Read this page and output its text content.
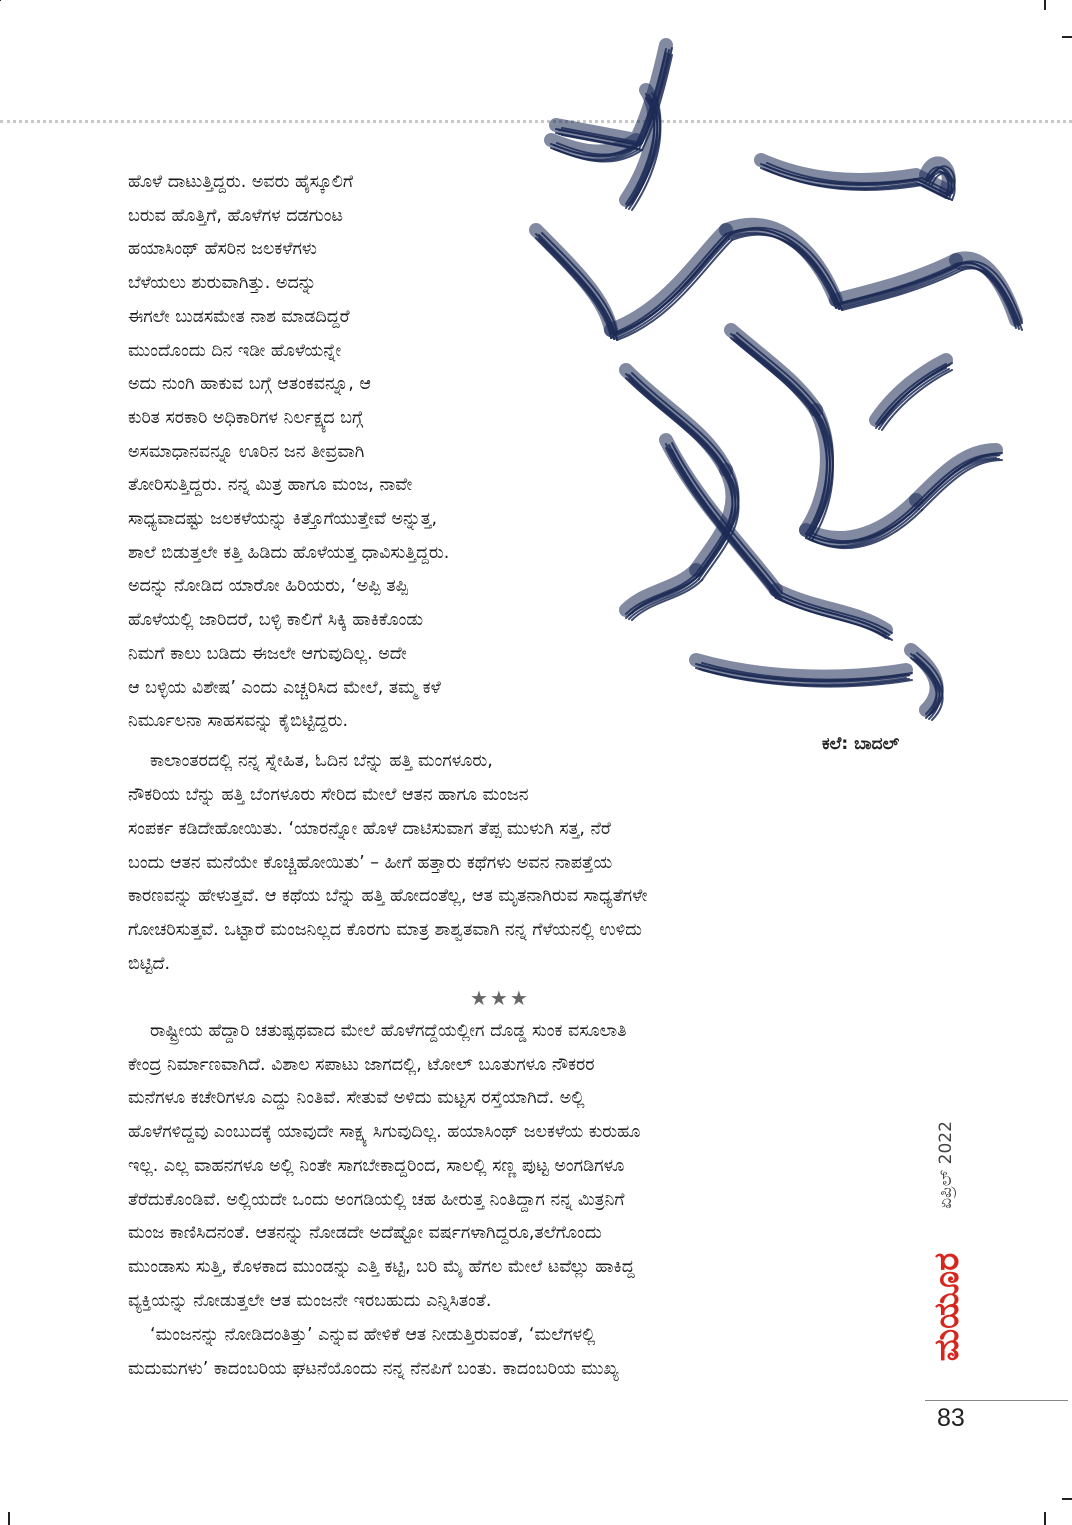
ಕಲೆ: ಬಾದಲ್
ಹೊಳೆ ದಾಟುತ್ತಿದ್ದರು. ಅವರು ಹೈಸ್ಕೂಲಿಗೆ
ಬರುವ ಹೊತ್ತಿಗೆ, ಹೊಳೆಗಳ ದಡಗುಂಟ
ಹಯಾಸಿಂಥ್ ಹೆಸರಿನ ಜಲಕಳೆಗಳು
ಬೆಳೆಯಲು ಶುರುವಾಗಿತ್ತು. ಅದನ್ನು
ಈಗಲೇ ಬುಡಸಮೇತ ನಾಶ ಮಾಡದಿದ್ದರೆ
ಮುಂದೊಂದು ದಿನ ಇಡೀ ಹೊಳೆಯನ್ನೇ
ಅದು ನುಂಗಿ ಹಾಕುವ ಬಗ್ಗೆ ಆತಂಕವನ್ನೂ, ಆ
ಕುರಿತ ಸರಕಾರಿ ಅಧಿಕಾರಿಗಳ ನಿರ್ಲಕ್ಷ್ಯದ ಬಗ್ಗೆ
ಅಸಮಾಧಾನವನ್ನೂ ಊರಿನ ಜನ ತೀವ್ರವಾಗಿ
ತೋರಿಸುತ್ತಿದ್ದರು. ನನ್ನ ಮಿತ್ರ ಹಾಗೂ ಮಂಜ, ನಾವೇ
ಸಾಧ್ಯವಾದಷ್ಟು ಜಲಕಳೆಯನ್ನು ಕಿತ್ತೊಗೆಯುತ್ತೇವೆ ಅನ್ನುತ್ತ,
ಶಾಲೆ ಬಿಡುತ್ತಲೇ ಕತ್ತಿ ಹಿಡಿದು ಹೊಳೆಯತ್ತ ಧಾವಿಸುತ್ತಿದ್ದರು.
ಅದನ್ನು ನೋಡಿದ ಯಾರೋ ಹಿರಿಯರು, ‘ಅಪ್ಪಿ ತಪ್ಪಿ
ಹೊಳೆಯಲ್ಲಿ ಜಾರಿದರೆ, ಬಳ್ಳಿ ಕಾಲಿಗೆ ಸಿಕ್ಕಿ ಹಾಕಿಕೊಂಡು
ನಿಮಗೆ ಕಾಲು ಬಡಿದು ಈಜಲೇ ಆಗುವುದಿಲ್ಲ. ಅದೇ
ಆ ಬಳ್ಳಿಯ ವಿಶೇಷ’ ಎಂದು ಎಚ್ಚರಿಸಿದ ಮೇಲೆ, ತಮ್ಮ ಕಳೆ
ನಿರ್ಮೂಲನಾ ಸಾಹಸವನ್ನು ಕೈಬಿಟ್ಟಿದ್ದರು.
ಕಾಲಾಂತರದಲ್ಲಿ ನನ್ನ ಸ್ನೇಹಿತ, ಓದಿನ ಬೆನ್ನು ಹತ್ತಿ ಮಂಗಳೂರು,
ನೌಕರಿಯ ಬೆನ್ನು ಹತ್ತಿ ಬೆಂಗಳೂರು ಸೇರಿದ ಮೇಲೆ ಆತನ ಹಾಗೂ ಮಂಜನ
ಸಂಪರ್ಕ ಕಡಿದೇಹೋಯಿತು. ‘ಯಾರನ್ನೋ ಹೊಳೆ ದಾಟಿಸುವಾಗ ತೆಪ್ಪ ಮುಳುಗಿ ಸತ್ತ, ನೆರೆ
ಬಂದು ಆತನ ಮನೆಯೇ ಕೊಚ್ಚಿಹೋಯಿತು’ – ಹೀಗೆ ಹತ್ತಾರು ಕಥೆಗಳು ಅವನ ನಾಪತ್ತೆಯ
ಕಾರಣವನ್ನು ಹೇಳುತ್ತವೆ. ಆ ಕಥೆಯ ಬೆನ್ನು ಹತ್ತಿ ಹೋದಂತೆಲ್ಲ, ಆತ ಮೃತನಾಗಿರುವ ಸಾಧ್ಯತೆಗಳೇ
ಗೋಚರಿಸುತ್ತವೆ. ಒಟ್ಟಾರೆ ಮಂಜನಿಲ್ಲದ ಕೊರಗು ಮಾತ್ರ ಶಾಶ್ವತವಾಗಿ ನನ್ನ ಗೆಳೆಯನಲ್ಲಿ ಉಳಿದು
ಬಿಟ್ಟಿದೆ.
★★★
ರಾಷ್ಟ್ರೀಯ ಹೆದ್ದಾರಿ ಚತುಷ್ಪಥವಾದ ಮೇಲೆ ಹೊಳೆಗದ್ದೆಯಲ್ಲೀಗ ದೊಡ್ಡ ಸುಂಕ ವಸೂಲಾತಿ
ಕೇಂದ್ರ ನಿರ್ಮಾಣವಾಗಿದೆ. ವಿಶಾಲ ಸಪಾಟು ಜಾಗದಲ್ಲಿ, ಟೋಲ್ ಬೂತುಗಳೂ ನೌಕರರ
ಮನೆಗಳೂ ಕಚೇರಿಗಳೂ ಎದ್ದು ನಿಂತಿವೆ. ಸೇತುವೆ ಅಳಿದು ಮಟ್ಟಸ ರಸ್ತೆಯಾಗಿದೆ. ಅಲ್ಲಿ
ಹೊಳೆಗಳಿದ್ದವು ಎಂಬುದಕ್ಕೆ ಯಾವುದೇ ಸಾಕ್ಷ್ಯ ಸಿಗುವುದಿಲ್ಲ. ಹಯಾಸಿಂಥ್ ಜಲಕಳೆಯ ಕುರುಹೂ
ಇಲ್ಲ. ಎಲ್ಲ ವಾಹನಗಳೂ ಅಲ್ಲಿ ನಿಂತೇ ಸಾಗಬೇಕಾದ್ದರಿಂದ, ಸಾಲಲ್ಲಿ ಸಣ್ಣ ಪುಟ್ಟ ಅಂಗಡಿಗಳೂ
ತೆರೆದುಕೊಂಡಿವೆ. ಅಲ್ಲಿಯದೇ ಒಂದು ಅಂಗಡಿಯಲ್ಲಿ ಚಹ ಹೀರುತ್ತ ನಿಂತಿದ್ದಾಗ ನನ್ನ ಮಿತ್ರನಿಗೆ
ಮಂಜ ಕಾಣಿಸಿದನಂತೆ. ಆತನನ್ನು ನೋಡದೇ ಅದೆಷ್ಟೋ ವರ್ಷಗಳಾಗಿದ್ದರೂ,ತಲೆಗೊಂದು
ಮುಂಡಾಸು ಸುತ್ತಿ, ಕೊಳಕಾದ ಮುಂಡನ್ನು ಎತ್ತಿ ಕಟ್ಟಿ, ಬರಿ ಮೈ ಹೆಗಲ ಮೇಲೆ ಟವೆಲ್ಲು ಹಾಕಿದ್ದ
ವ್ಯಕ್ತಿಯನ್ನು ನೋಡುತ್ತಲೇ ಆತ ಮಂಜನೇ ಇರಬಹುದು ಎನ್ನಿಸಿತಂತೆ.
‘ಮಂಜನನ್ನು ನೋಡಿದಂತಿತ್ತು’ ಎನ್ನುವ ಹೇಳಿಕೆ ಆತ ನೀಡುತ್ತಿರುವಂತೆ, ‘ಮಲೆಗಳಲ್ಲಿ
ಮದುಮಗಳು’ ಕಾದಂಬರಿಯ ಘಟನೆಯೊಂದು ನನ್ನ ನೆನಪಿಗೆ ಬಂತು. ಕಾದಂಬರಿಯ ಮುಖ್ಯ
ಏಪ್ರಿಲ್ 2022
ಮಯೂರ
83
